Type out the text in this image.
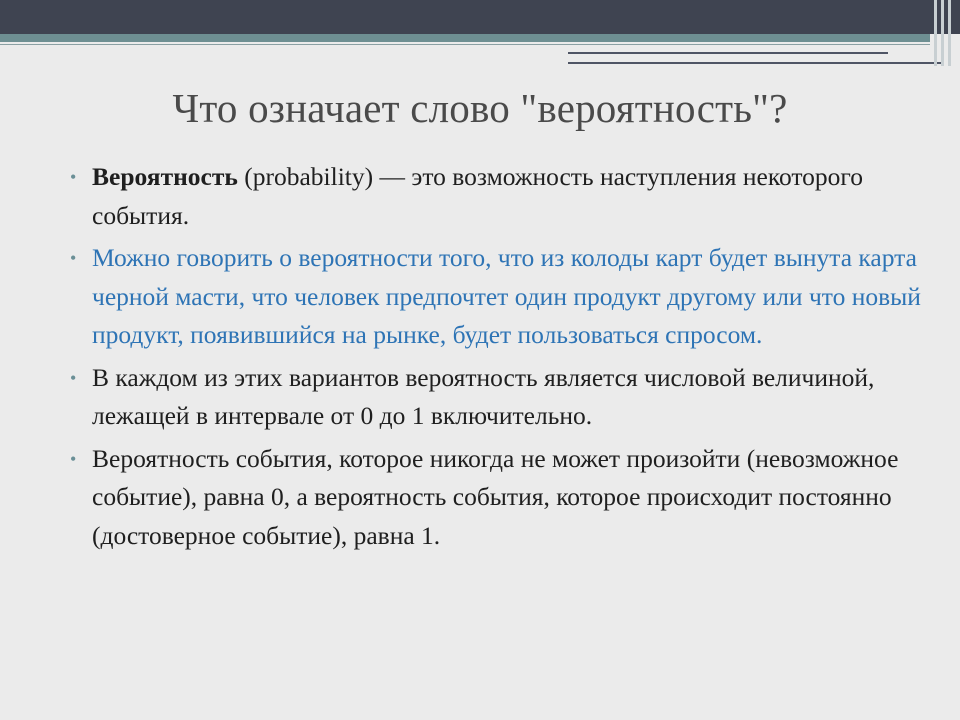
Что означает слово "вероятность"?
• Вероятность (probability) — это возможность наступления некоторого события.
• Можно говорить о вероятности того, что из колоды карт будет вынута карта черной масти, что человек предпочтет один продукт другому или что новый продукт, появившийся на рынке, будет пользоваться спросом.
• В каждом из этих вариантов вероятность является числовой величиной, лежащей в интервале от 0 до 1 включительно.
• Вероятность события, которое никогда не может произойти (невозможное событие), равна 0, а вероятность события, которое происходит постоянно (достоверное событие), равна 1.
